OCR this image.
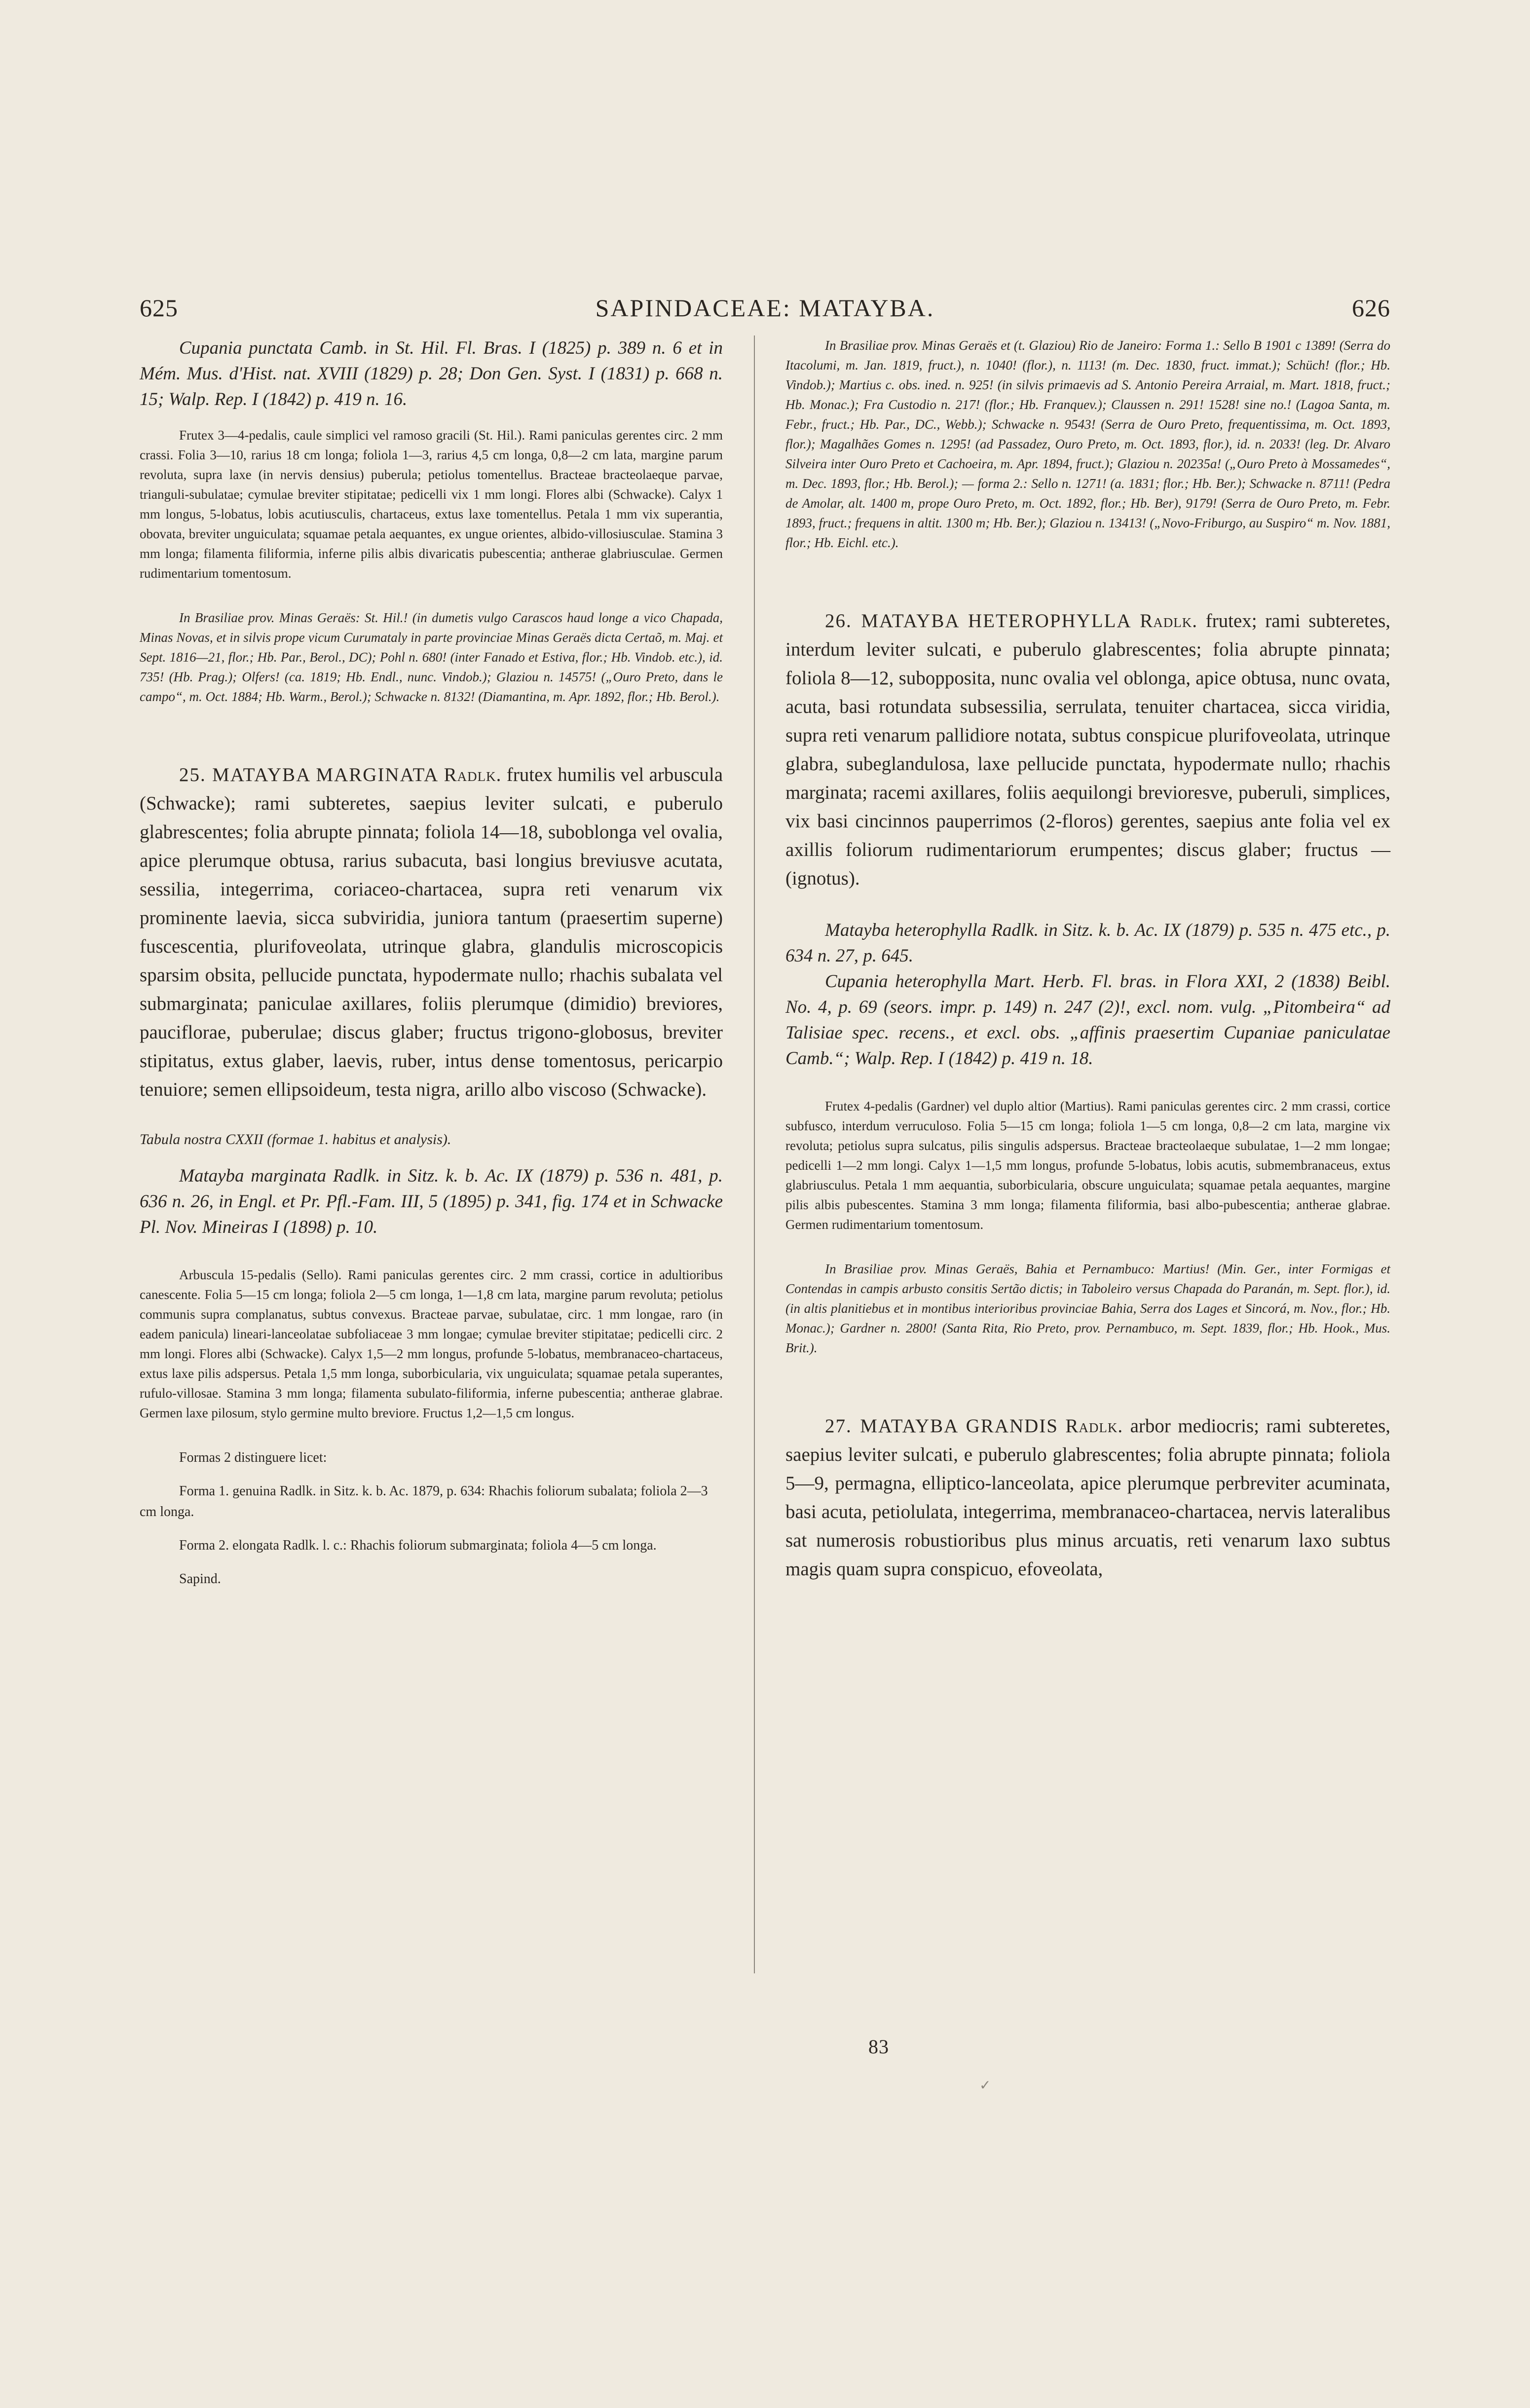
625	SAPINDACEAE: MATAYBA.	626

Cupania punctata Camb. in St. Hil. Fl. Bras. I (1825) p. 389 n. 6 et in Mém. Mus. d'Hist. nat. XVIII (1829) p. 28; Don Gen. Syst. I (1831) p. 668 n. 15; Walp. Rep. I (1842) p. 419 n. 16.

Frutex 3—4-pedalis, caule simplici vel ramoso gracili (St. Hil.). Rami paniculas gerentes circ. 2 mm crassi. Folia 3—10, rarius 18 cm longa; foliola 1—3, rarius 4,5 cm longa, 0,8—2 cm lata, margine parum revoluta, supra laxe (in nervis densius) puberula; petiolus tomentellus. Bracteae bracteolaeque parvae, trianguli-subulatae; cymulae breviter stipitatae; pedicelli vix 1 mm longi. Flores albi (Schwacke). Calyx 1 mm longus, 5-lobatus, lobis acutiusculis, chartaceus, extus laxe tomentellus. Petala 1 mm vix superantia, obovata, breviter unguiculata; squamae petala aequantes, ex ungue orientes, albido-villosiusculae. Stamina 3 mm longa; filamenta filiformia, inferne pilis albis divaricatis pubescentia; antherae glabriusculae. Germen rudimentarium tomentosum.

In Brasiliae prov. Minas Geraës: St. Hil.! (in dumetis vulgo Carascos haud longe a vico Chapada, Minas Novas, et in silvis prope vicum Curumataly in parte provinciae Minas Geraës dicta Certaõ, m. Maj. et Sept. 1816—21, flor.; Hb. Par., Berol., DC); Pohl n. 680! (inter Fanado et Estiva, flor.; Hb. Vindob. etc.), id. 735! (Hb. Prag.); Olfers! (ca. 1819; Hb. Endl., nunc. Vindob.); Glaziou n. 14575! („Ouro Preto, dans le campo“, m. Oct. 1884; Hb. Warm., Berol.); Schwacke n. 8132! (Diamantina, m. Apr. 1892, flor.; Hb. Berol.).

25. MATAYBA MARGINATA Radlk. frutex humilis vel arbuscula (Schwacke); rami subteretes, saepius leviter sulcati, e puberulo glabrescentes; folia abrupte pinnata; foliola 14—18, suboblonga vel ovalia, apice plerumque obtusa, rarius subacuta, basi longius breviusve acutata, sessilia, integerrima, coriaceo-chartacea, supra reti venarum vix prominente laevia, sicca subviridia, juniora tantum (praesertim superne) fuscescentia, plurifoveolata, utrinque glabra, glandulis microscopicis sparsim obsita, pellucide punctata, hypodermate nullo; rhachis subalata vel submarginata; paniculae axillares, foliis plerumque (dimidio) breviores, pauciflorae, puberulae; discus glaber; fructus trigono-globosus, breviter stipitatus, extus glaber, laevis, ruber, intus dense tomentosus, pericarpio tenuiore; semen ellipsoideum, testa nigra, arillo albo viscoso (Schwacke).

Tabula nostra CXXII (formae 1. habitus et analysis).

Matayba marginata Radlk. in Sitz. k. b. Ac. IX (1879) p. 536 n. 481, p. 636 n. 26, in Engl. et Pr. Pfl.-Fam. III, 5 (1895) p. 341, fig. 174 et in Schwacke Pl. Nov. Mineiras I (1898) p. 10.

Arbuscula 15-pedalis (Sello). Rami paniculas gerentes circ. 2 mm crassi, cortice in adultioribus canescente. Folia 5—15 cm longa; foliola 2—5 cm longa, 1—1,8 cm lata, margine parum revoluta; petiolus communis supra complanatus, subtus convexus. Bracteae parvae, subulatae, circ. 1 mm longae, raro (in eadem panicula) lineari-lanceolatae subfoliaceae 3 mm longae; cymulae breviter stipitatae; pedicelli circ. 2 mm longi. Flores albi (Schwacke). Calyx 1,5—2 mm longus, profunde 5-lobatus, membranaceo-chartaceus, extus laxe pilis adspersus. Petala 1,5 mm longa, suborbicularia, vix unguiculata; squamae petala superantes, rufulo-villosae. Stamina 3 mm longa; filamenta subulato-filiformia, inferne pubescentia; antherae glabrae. Germen laxe pilosum, stylo germine multo breviore. Fructus 1,2—1,5 cm longus.

Formas 2 distinguere licet:

Forma 1. genuina Radlk. in Sitz. k. b. Ac. 1879, p. 634: Rhachis foliorum subalata; foliola 2—3 cm longa.

Forma 2. elongata Radlk. l. c.: Rhachis foliorum submarginata; foliola 4—5 cm longa.

Sapind.

In Brasiliae prov. Minas Geraës et (t. Glaziou) Rio de Janeiro: Forma 1.: Sello B 1901 c 1389! (Serra do Itacolumi, m. Jan. 1819, fruct.), n. 1040! (flor.), n. 1113! (m. Dec. 1830, fruct. immat.); Schüch! (flor.; Hb. Vindob.); Martius c. obs. ined. n. 925! (in silvis primaevis ad S. Antonio Pereira Arraial, m. Mart. 1818, fruct.; Hb. Monac.); Fra Custodio n. 217! (flor.; Hb. Franquev.); Claussen n. 291! 1528! sine no.! (Lagoa Santa, m. Febr., fruct.; Hb. Par., DC., Webb.); Schwacke n. 9543! (Serra de Ouro Preto, frequentissima, m. Oct. 1893, flor.); Magalhães Gomes n. 1295! (ad Passadez, Ouro Preto, m. Oct. 1893, flor.), id. n. 2033! (leg. Dr. Alvaro Silveira inter Ouro Preto et Cachoeira, m. Apr. 1894, fruct.); Glaziou n. 20235a! („Ouro Preto à Mossamedes“, m. Dec. 1893, flor.; Hb. Berol.); — forma 2.: Sello n. 1271! (a. 1831; flor.; Hb. Ber.); Schwacke n. 8711! (Pedra de Amolar, alt. 1400 m, prope Ouro Preto, m. Oct. 1892, flor.; Hb. Ber), 9179! (Serra de Ouro Preto, m. Febr. 1893, fruct.; frequens in altit. 1300 m; Hb. Ber.); Glaziou n. 13413! („Novo-Friburgo, au Suspiro“ m. Nov. 1881, flor.; Hb. Eichl. etc.).

26. MATAYBA HETEROPHYLLA Radlk. frutex; rami subteretes, interdum leviter sulcati, e puberulo glabrescentes; folia abrupte pinnata; foliola 8—12, subopposita, nunc ovalia vel oblonga, apice obtusa, nunc ovata, acuta, basi rotundata subsessilia, serrulata, tenuiter chartacea, sicca viridia, supra reti venarum pallidiore notata, subtus conspicue plurifoveolata, utrinque glabra, subeglandulosa, laxe pellucide punctata, hypodermate nullo; rhachis marginata; racemi axillares, foliis aequilongi brevioresve, puberuli, simplices, vix basi cincinnos pauperrimos (2-floros) gerentes, saepius ante folia vel ex axillis foliorum rudimentariorum erumpentes; discus glaber; fructus — (ignotus).

Matayba heterophylla Radlk. in Sitz. k. b. Ac. IX (1879) p. 535 n. 475 etc., p. 634 n. 27, p. 645.

Cupania heterophylla Mart. Herb. Fl. bras. in Flora XXI, 2 (1838) Beibl. No. 4, p. 69 (seors. impr. p. 149) n. 247 (2)!, excl. nom. vulg. „Pitombeira“ ad Talisiae spec. recens., et excl. obs. „affinis praesertim Cupaniae paniculatae Camb.“; Walp. Rep. I (1842) p. 419 n. 18.

Frutex 4-pedalis (Gardner) vel duplo altior (Martius). Rami paniculas gerentes circ. 2 mm crassi, cortice subfusco, interdum verruculoso. Folia 5—15 cm longa; foliola 1—5 cm longa, 0,8—2 cm lata, margine vix revoluta; petiolus supra sulcatus, pilis singulis adspersus. Bracteae bracteolaeque subulatae, 1—2 mm longae; pedicelli 1—2 mm longi. Calyx 1—1,5 mm longus, profunde 5-lobatus, lobis acutis, submembranaceus, extus glabriusculus. Petala 1 mm aequantia, suborbicularia, obscure unguiculata; squamae petala aequantes, margine pilis albis pubescentes. Stamina 3 mm longa; filamenta filiformia, basi albo-pubescentia; antherae glabrae. Germen rudimentarium tomentosum.

In Brasiliae prov. Minas Geraës, Bahia et Pernambuco: Martius! (Min. Ger., inter Formigas et Contendas in campis arbusto consitis Sertão dictis; in Taboleiro versus Chapada do Paranán, m. Sept. flor.), id. (in altis planitiebus et in montibus interioribus provinciae Bahia, Serra dos Lages et Sincorá, m. Nov., flor.; Hb. Monac.); Gardner n. 2800! (Santa Rita, Rio Preto, prov. Pernambuco, m. Sept. 1839, flor.; Hb. Hook., Mus. Brit.).

27. MATAYBA GRANDIS Radlk. arbor mediocris; rami subteretes, saepius leviter sulcati, e puberulo glabrescentes; folia abrupte pinnata; foliola 5—9, permagna, elliptico-lanceolata, apice plerumque perbreviter acuminata, basi acuta, petiolulata, integerrima, membranaceo-chartacea, nervis lateralibus sat numerosis robustioribus plus minus arcuatis, reti venarum laxo subtus magis quam supra conspicuo, efoveolata,

83
✓
